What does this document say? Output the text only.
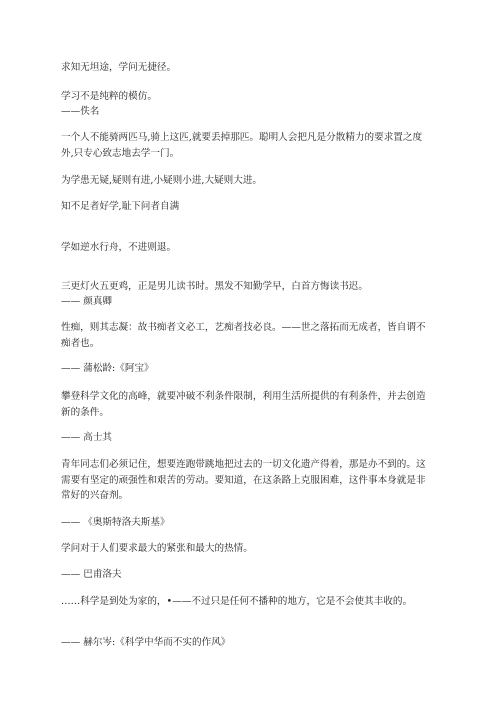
求知无坦途，学问无捷径。

学习不是纯粹的模仿。

——佚名

一个人不能骑两匹马,骑上这匹,就要丢掉那匹。聪明人会把凡是分散精力的要求置之度外,只专心致志地去学一门。

为学患无疑,疑则有进,小疑则小进,大疑则大进。

知不足者好学,耻下问者自满

学如逆水行舟，不进则退。

三更灯火五更鸡，正是男儿读书时。黑发不知勤学早，白首方悔读书迟。

—— 颜真卿

性痴，则其志凝：故书痴者文必工，艺痴者技必良。——世之落拓而无成者，皆自谓不痴者也。

—— 蒲松龄:《阿宝》

攀登科学文化的高峰，就要冲破不利条件限制，利用生活所提供的有利条件，并去创造新的条件。

—— 高士其

青年同志们必须记住，想要连跑带跳地把过去的一切文化遗产得着，那是办不到的。这需要有坚定的顽强性和艰苦的劳动。要知道，在这条路上克服困难，这件事本身就是非常好的兴奋剂。

—— 《奥斯特洛夫斯基》

学问对于人们要求最大的紧张和最大的热情。

—— 巴甫洛夫

……科学是到处为家的，•——不过只是任何不播种的地方，它是不会使其丰收的。

—— 赫尔岑:《科学中华而不实的作风》
